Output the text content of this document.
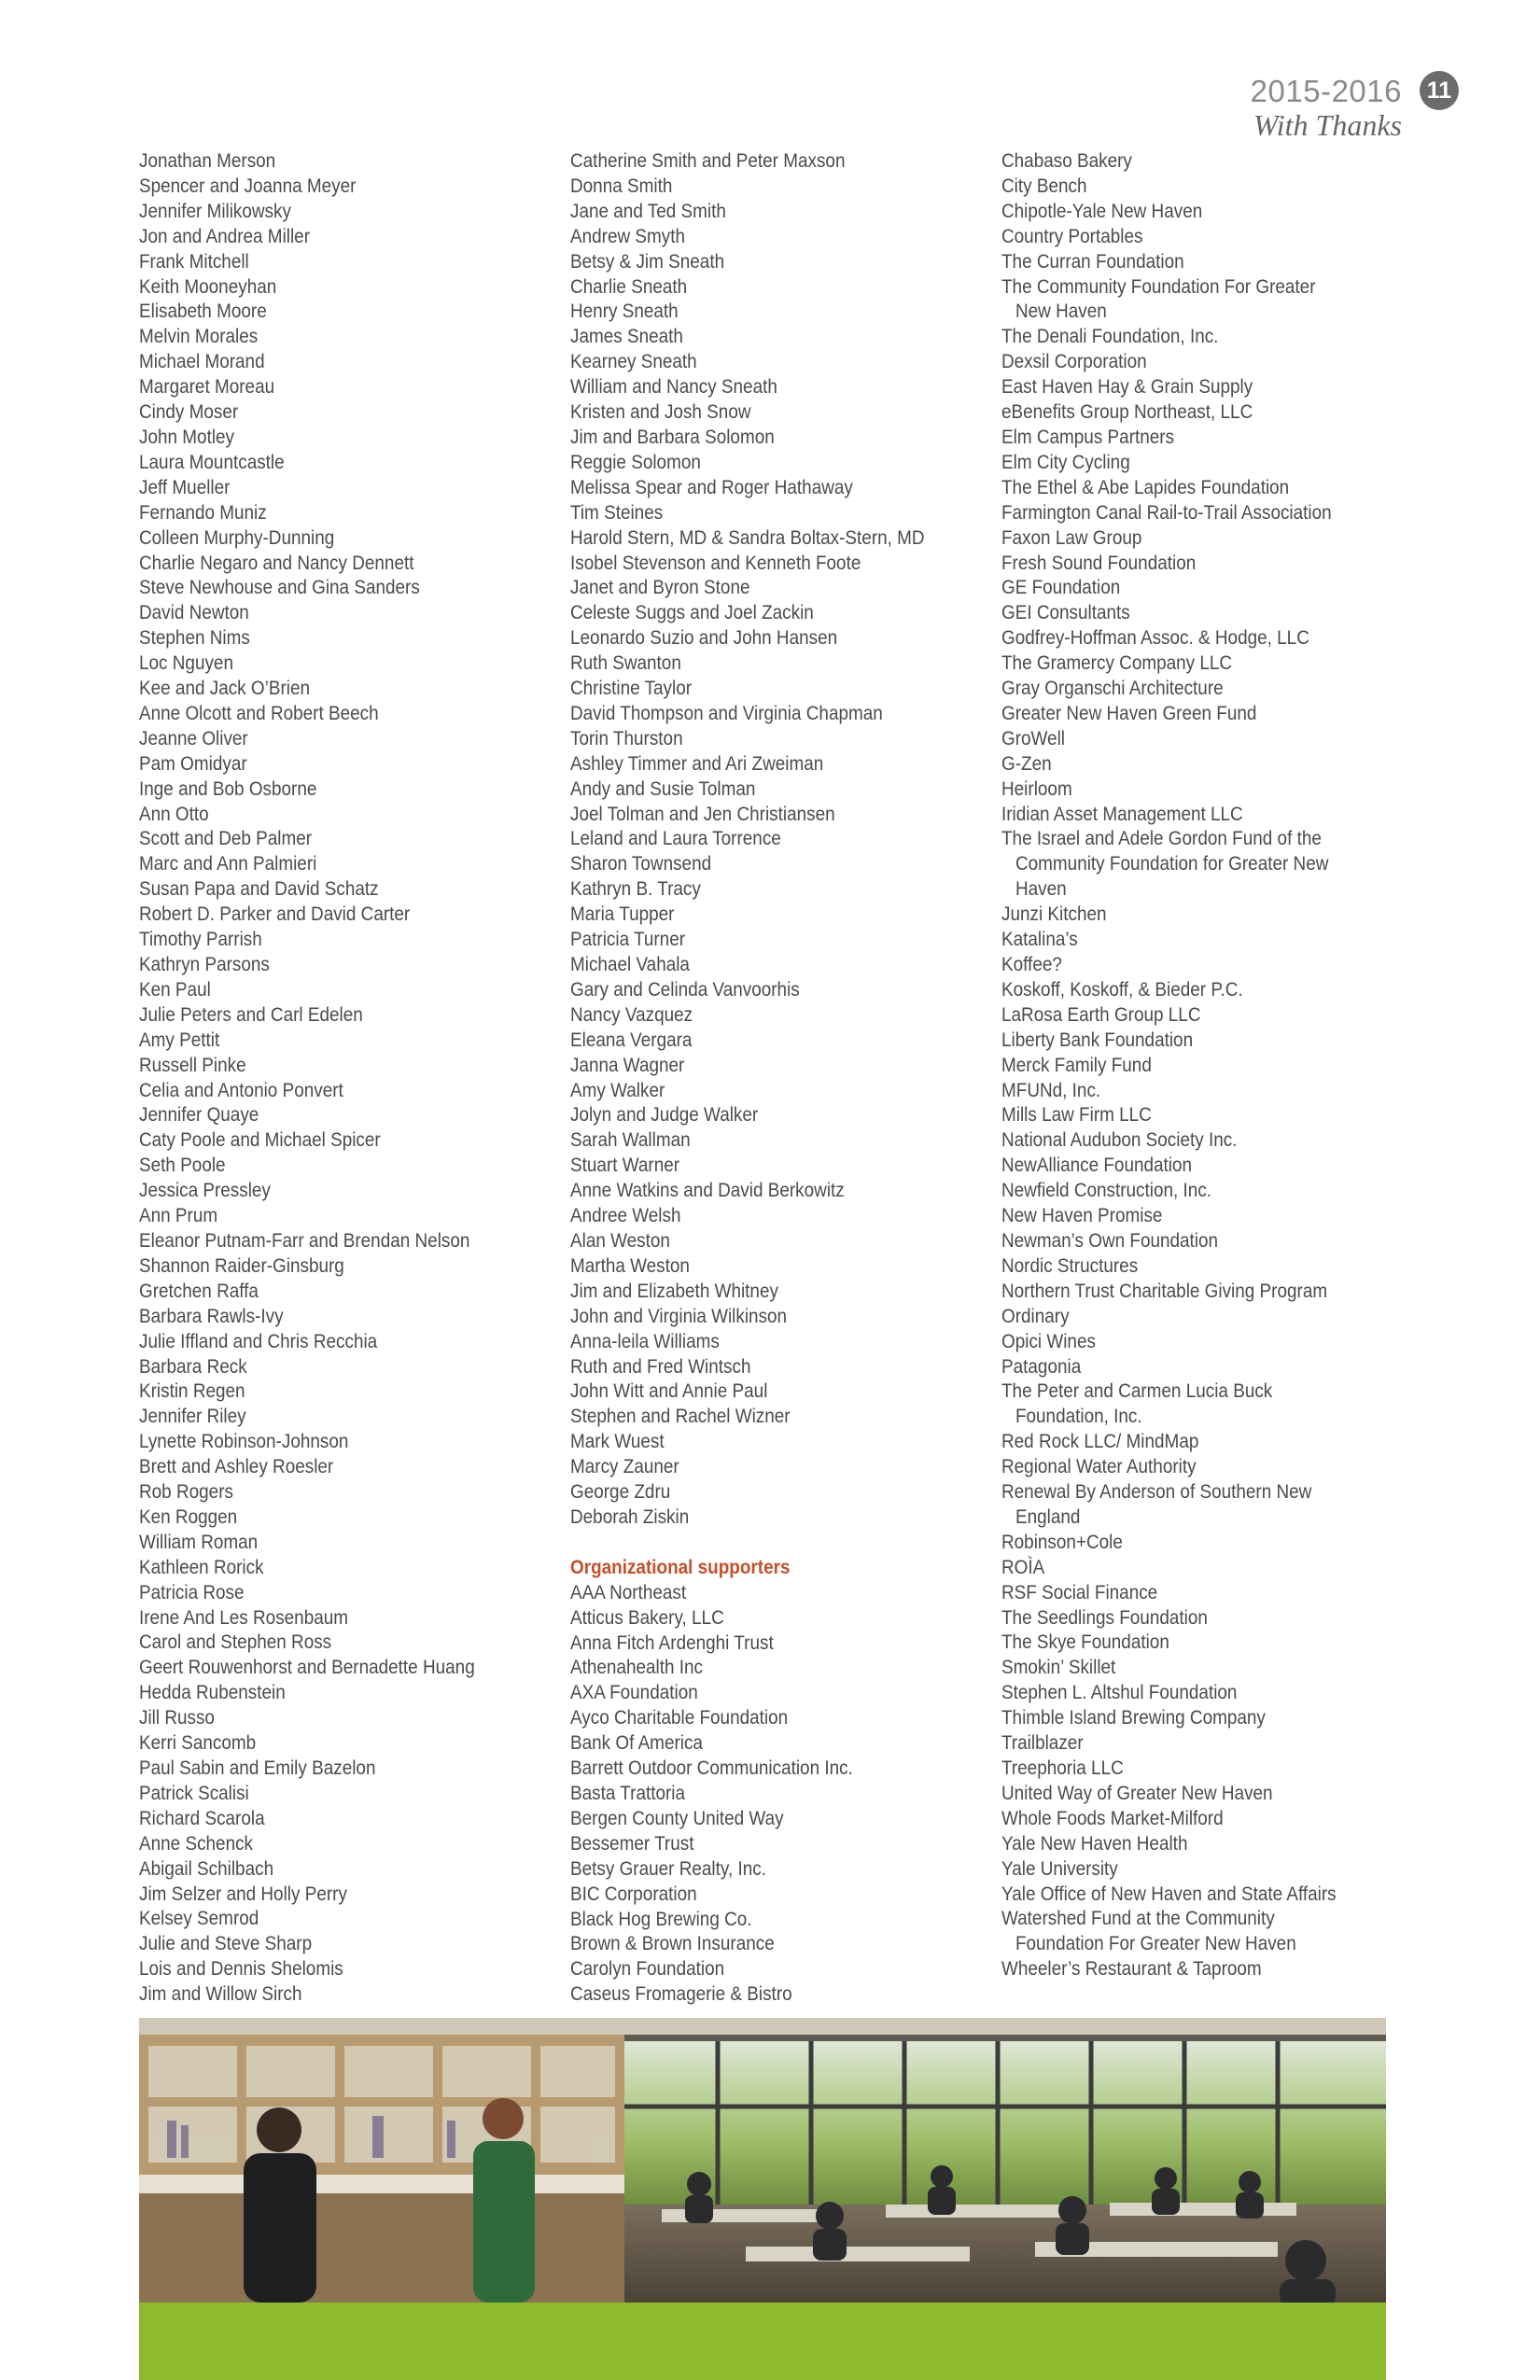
2015-2016
With Thanks
11
Jonathan Merson
Spencer and Joanna Meyer
Jennifer Milikowsky
Jon and Andrea Miller
Frank Mitchell
Keith Mooneyhan
Elisabeth Moore
Melvin Morales
Michael Morand
Margaret Moreau
Cindy Moser
John Motley
Laura Mountcastle
Jeff Mueller
Fernando Muniz
Colleen Murphy-Dunning
Charlie Negaro and Nancy Dennett
Steve Newhouse and Gina Sanders
David Newton
Stephen Nims
Loc Nguyen
Kee and Jack O’Brien
Anne Olcott and Robert Beech
Jeanne Oliver
Pam Omidyar
Inge and Bob Osborne
Ann Otto
Scott and Deb Palmer
Marc and Ann Palmieri
Susan Papa and David Schatz
Robert D. Parker and David Carter
Timothy Parrish
Kathryn Parsons
Ken Paul
Julie Peters and Carl Edelen
Amy Pettit
Russell Pinke
Celia and Antonio Ponvert
Jennifer Quaye
Caty Poole and Michael Spicer
Seth Poole
Jessica Pressley
Ann Prum
Eleanor Putnam-Farr and Brendan Nelson
Shannon Raider-Ginsburg
Gretchen Raffa
Barbara Rawls-Ivy
Julie Iffland and Chris Recchia
Barbara Reck
Kristin Regen
Jennifer Riley
Lynette Robinson-Johnson
Brett and Ashley Roesler
Rob Rogers
Ken Roggen
William Roman
Kathleen Rorick
Patricia Rose
Irene And Les Rosenbaum
Carol and Stephen Ross
Geert Rouwenhorst and Bernadette Huang
Hedda Rubenstein
Jill Russo
Kerri Sancomb
Paul Sabin and Emily Bazelon
Patrick Scalisi
Richard Scarola
Anne Schenck
Abigail Schilbach
Jim Selzer and Holly Perry
Kelsey Semrod
Julie and Steve Sharp
Lois and Dennis Shelomis
Jim and Willow Sirch
Catherine Smith and Peter Maxson
Donna Smith
Jane and Ted Smith
Andrew Smyth
Betsy & Jim Sneath
Charlie Sneath
Henry Sneath
James Sneath
Kearney Sneath
William and Nancy Sneath
Kristen and Josh Snow
Jim and Barbara Solomon
Reggie Solomon
Melissa Spear and Roger Hathaway
Tim Steines
Harold Stern, MD & Sandra Boltax-Stern, MD
Isobel Stevenson and Kenneth Foote
Janet and Byron Stone
Celeste Suggs and Joel Zackin
Leonardo Suzio and John Hansen
Ruth Swanton
Christine Taylor
David Thompson and Virginia Chapman
Torin Thurston
Ashley Timmer and Ari Zweiman
Andy and Susie Tolman
Joel Tolman and Jen Christiansen
Leland and Laura Torrence
Sharon Townsend
Kathryn B. Tracy
Maria Tupper
Patricia Turner
Michael Vahala
Gary and Celinda Vanvoorhis
Nancy Vazquez
Eleana Vergara
Janna Wagner
Amy Walker
Jolyn and Judge Walker
Sarah Wallman
Stuart Warner
Anne Watkins and David Berkowitz
Andree Welsh
Alan Weston
Martha Weston
Jim and Elizabeth Whitney
John and Virginia Wilkinson
Anna-leila Williams
Ruth and Fred Wintsch
John Witt and Annie Paul
Stephen and Rachel Wizner
Mark Wuest
Marcy Zauner
George Zdru
Deborah Ziskin
Organizational supporters
AAA Northeast
Atticus Bakery, LLC
Anna Fitch Ardenghi Trust
Athenahealth Inc
AXA Foundation
Ayco Charitable Foundation
Bank Of America
Barrett Outdoor Communication Inc.
Basta Trattoria
Bergen County United Way
Bessemer Trust
Betsy Grauer Realty, Inc.
BIC Corporation
Black Hog Brewing Co.
Brown & Brown Insurance
Carolyn Foundation
Caseus Fromagerie & Bistro
Chabaso Bakery
City Bench
Chipotle-Yale New Haven
Country Portables
The Curran Foundation
The Community Foundation For Greater
New Haven
The Denali Foundation, Inc.
Dexsil Corporation
East Haven Hay & Grain Supply
eBenefits Group Northeast, LLC
Elm Campus Partners
Elm City Cycling
The Ethel & Abe Lapides Foundation
Farmington Canal Rail-to-Trail Association
Faxon Law Group
Fresh Sound Foundation
GE Foundation
GEI Consultants
Godfrey-Hoffman Assoc. & Hodge, LLC
The Gramercy Company LLC
Gray Organschi Architecture
Greater New Haven Green Fund
GroWell
G-Zen
Heirloom
Iridian Asset Management LLC
The Israel and Adele Gordon Fund of the
Community Foundation for Greater New
Haven
Junzi Kitchen
Katalina’s
Koffee?
Koskoff, Koskoff, & Bieder P.C.
LaRosa Earth Group LLC
Liberty Bank Foundation
Merck Family Fund
MFUNd, Inc.
Mills Law Firm LLC
National Audubon Society Inc.
NewAlliance Foundation
Newfield Construction, Inc.
New Haven Promise
Newman’s Own Foundation
Nordic Structures
Northern Trust Charitable Giving Program
Ordinary
Opici Wines
Patagonia
The Peter and Carmen Lucia Buck
Foundation, Inc.
Red Rock LLC/ MindMap
Regional Water Authority
Renewal By Anderson of Southern New
England
Robinson+Cole
ROÌA
RSF Social Finance
The Seedlings Foundation
The Skye Foundation
Smokin’ Skillet
Stephen L. Altshul Foundation
Thimble Island Brewing Company
Trailblazer
Treephoria LLC
United Way of Greater New Haven
Whole Foods Market-Milford
Yale New Haven Health
Yale University
Yale Office of New Haven and State Affairs
Watershed Fund at the Community
Foundation For Greater New Haven
Wheeler’s Restaurant & Taproom
